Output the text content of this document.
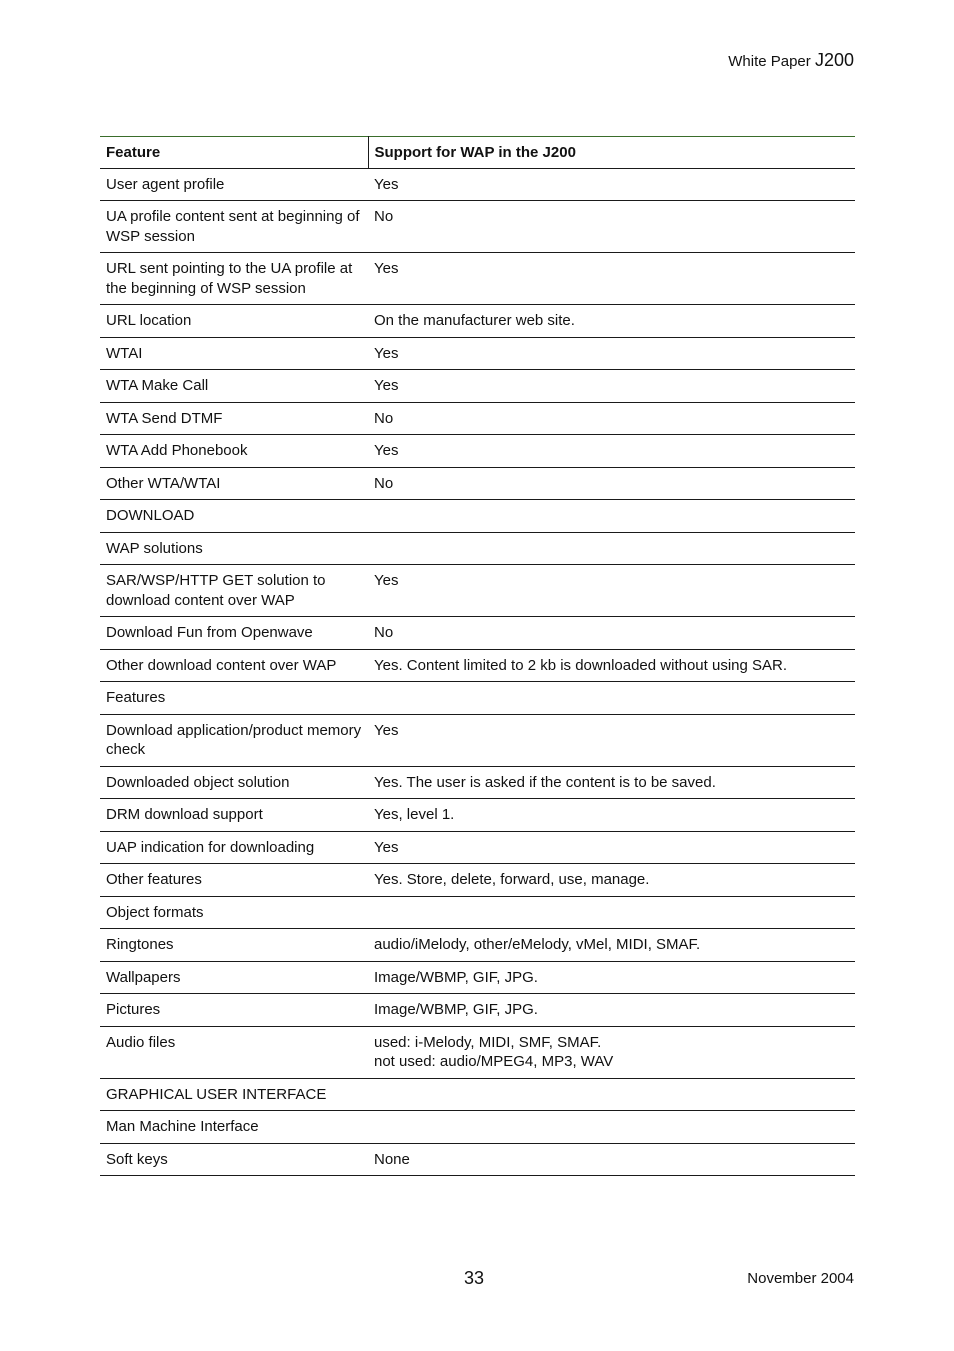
White Paper J200
Feature	Support for WAP in the J200
User agent profile	Yes

UA profile content sent at beginning of WSP session	No

URL sent pointing to the UA profile at the beginning of WSP session	Yes

URL location	On the manufacturer web site.

WTAI	Yes

WTA Make Call	Yes

WTA Send DTMF	No

WTA Add Phonebook	Yes

Other WTA/WTAI	No

DOWNLOAD	
WAP solutions	
SAR/WSP/HTTP GET solution to download content over WAP	Yes

Download Fun from Openwave	No

Other download content over WAP	Yes. Content limited to 2 kb is downloaded without using SAR.

Features	
Download application/product memory check	Yes

Downloaded object solution	Yes. The user is asked if the content is to be saved.

DRM download support	Yes, level 1.

UAP indication for downloading	Yes

Other features	Yes. Store, delete, forward, use, manage.

Object formats	
Ringtones	audio/iMelody, other/eMelody, vMel, MIDI, SMAF.

Wallpapers	Image/WBMP, GIF, JPG.

Pictures	Image/WBMP, GIF, JPG.

Audio files	used: i-Melody, MIDI, SMF, SMAF.
not used: audio/MPEG4, MP3, WAV

GRAPHICAL USER INTERFACE	
Man Machine Interface	
Soft keys	None
33	November 2004
